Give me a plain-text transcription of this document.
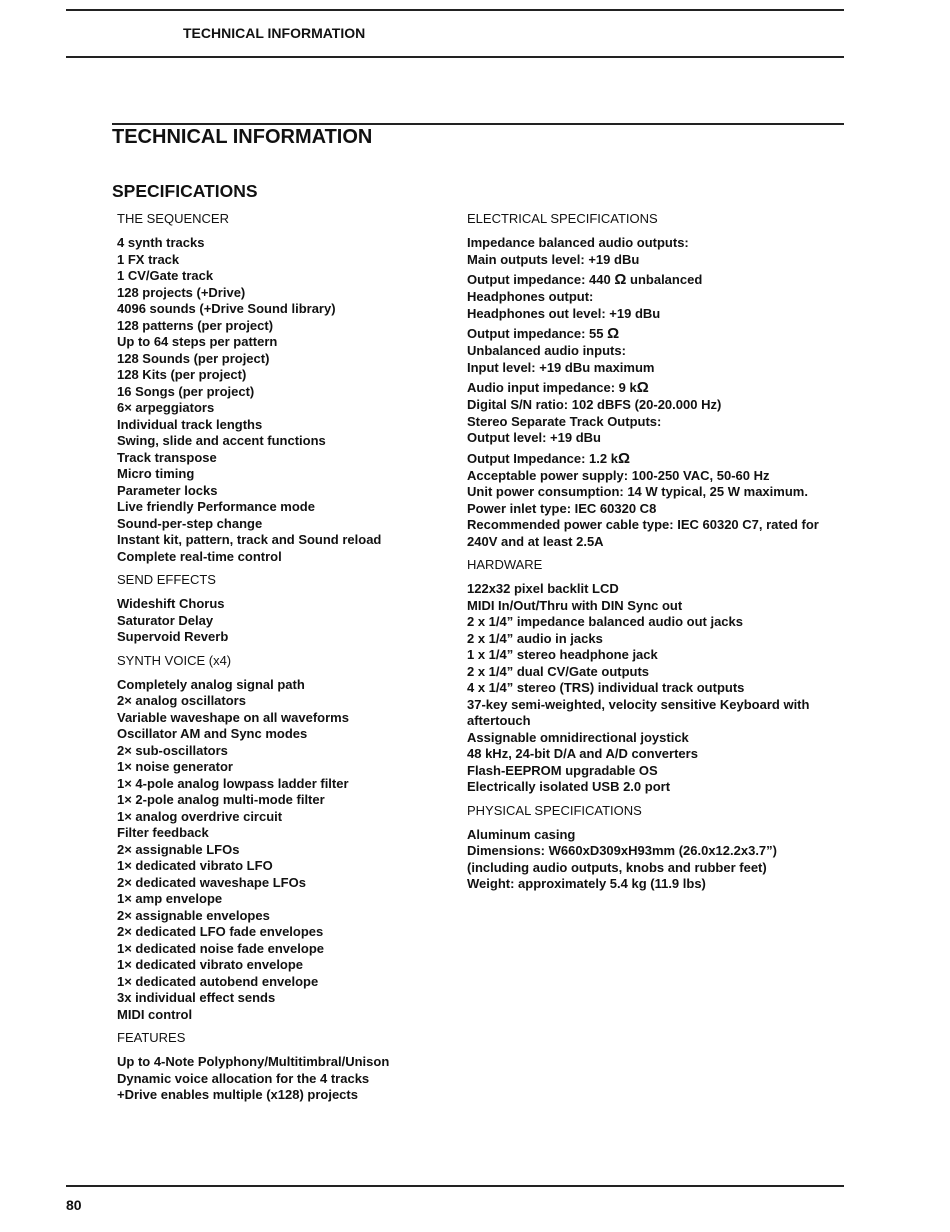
TECHNICAL INFORMATION
TECHNICAL INFORMATION
SPECIFICATIONS
THE SEQUENCER
4 synth tracks
1 FX track
1 CV/Gate track
128 projects (+Drive)
4096 sounds (+Drive Sound library)
128 patterns (per project)
Up to 64 steps per pattern
128 Sounds (per project)
128 Kits (per project)
16 Songs (per project)
6× arpeggiators
Individual track lengths
Swing, slide and accent functions
Track transpose
Micro timing
Parameter locks
Live friendly Performance mode
Sound-per-step change
Instant kit, pattern, track and Sound reload
Complete real-time control
SEND EFFECTS
Wideshift Chorus
Saturator Delay
Supervoid Reverb
SYNTH VOICE (x4)
Completely analog signal path
2× analog oscillators
Variable waveshape on all waveforms
Oscillator AM and Sync modes
2× sub-oscillators
1× noise generator
1× 4-pole analog lowpass ladder filter
1× 2-pole analog multi-mode filter
1× analog overdrive circuit
Filter feedback
2× assignable LFOs
1× dedicated vibrato LFO
2× dedicated waveshape LFOs
1× amp envelope
2× assignable envelopes
2× dedicated LFO fade envelopes
1× dedicated noise fade envelope
1× dedicated vibrato envelope
1× dedicated autobend envelope
3x individual effect sends
MIDI control
FEATURES
Up to 4-Note Polyphony/Multitimbral/Unison
Dynamic voice allocation for the 4 tracks
+Drive enables multiple (x128) projects
ELECTRICAL SPECIFICATIONS
Impedance balanced audio outputs:
Main outputs level: +19 dBu
Output impedance: 440 Ω unbalanced
Headphones output:
Headphones out level: +19 dBu
Output impedance: 55 Ω
Unbalanced audio inputs:
Input level: +19 dBu maximum
Audio input impedance: 9 kΩ
Digital S/N ratio: 102 dBFS (20-20.000 Hz)
Stereo Separate Track Outputs:
Output level: +19 dBu
Output Impedance: 1.2 kΩ
Acceptable power supply: 100-250 VAC, 50-60 Hz
Unit power consumption: 14 W typical, 25 W maximum.
Power inlet type: IEC 60320 C8
Recommended power cable type: IEC 60320 C7, rated for
240V and at least 2.5A
HARDWARE
122x32 pixel backlit LCD
MIDI In/Out/Thru with DIN Sync out
2 x 1/4” impedance balanced audio out jacks
2 x 1/4” audio in jacks
1 x 1/4” stereo headphone jack
2 x 1/4” dual CV/Gate outputs
4 x 1/4” stereo (TRS) individual track outputs
37-key semi-weighted, velocity sensitive Keyboard with
aftertouch
Assignable omnidirectional joystick
48 kHz, 24-bit D/A and A/D converters
Flash-EEPROM upgradable OS
Electrically isolated USB 2.0 port
PHYSICAL SPECIFICATIONS
Aluminum casing
Dimensions: W660xD309xH93mm (26.0x12.2x3.7”)
(including audio outputs, knobs and rubber feet)
Weight: approximately 5.4 kg (11.9 lbs)
80
